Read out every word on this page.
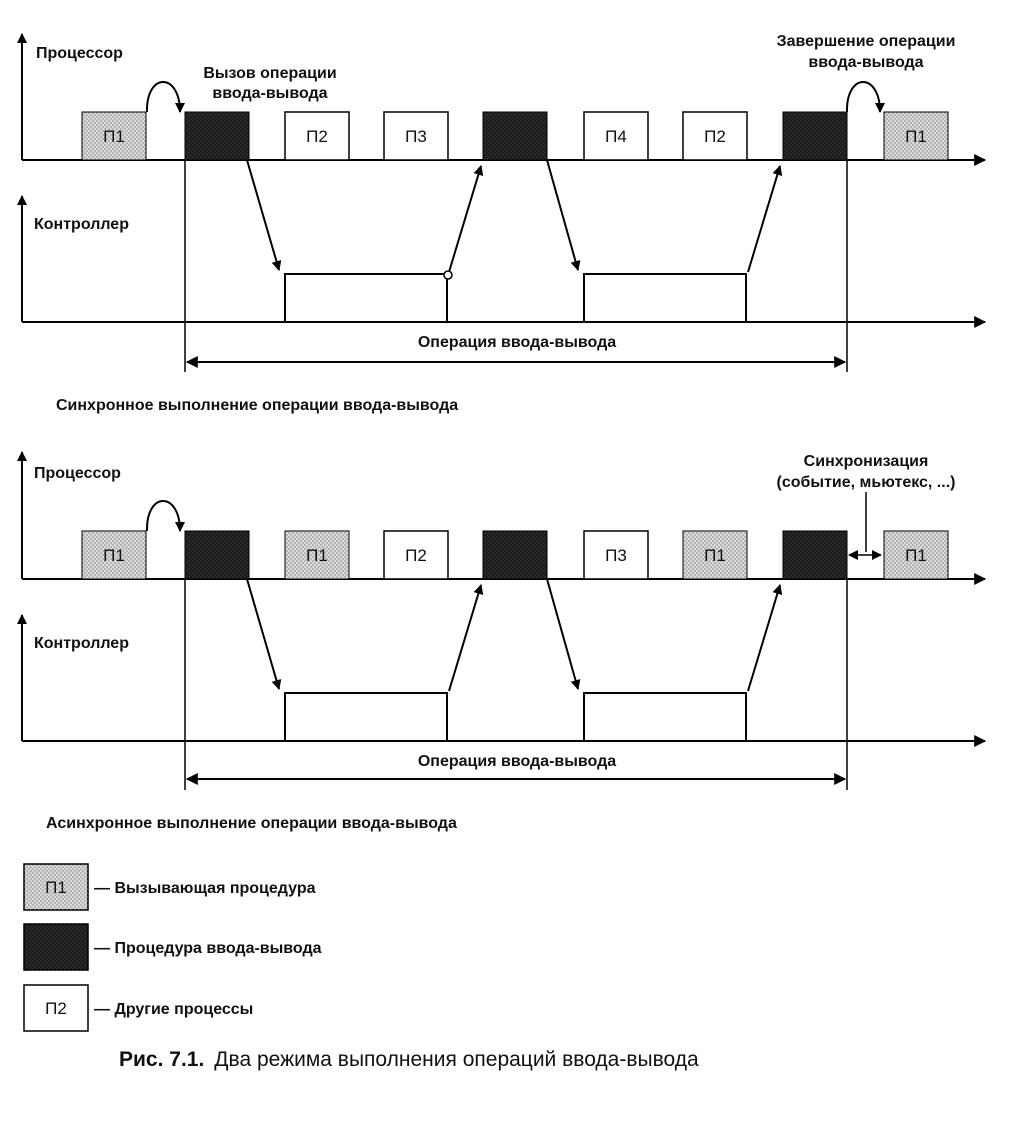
Процессор
Контроллер
П1	П2	П3	П4	П2	П1
Вызов операции
ввода-вывода
Завершение операции
ввода-вывода
Операция ввода-вывода
Синхронное выполнение операции ввода-вывода
Процессор
Контроллер
П1	П1	П2	П3	П1	П1
Синхронизация
(событие, мьютекс, ...)
Операция ввода-вывода
Асинхронное выполнение операции ввода-вывода
П1 — Вызывающая процедура
— Процедура ввода-вывода
П2 — Другие процессы
Рис. 7.1. Два режима выполнения операций ввода-вывода
